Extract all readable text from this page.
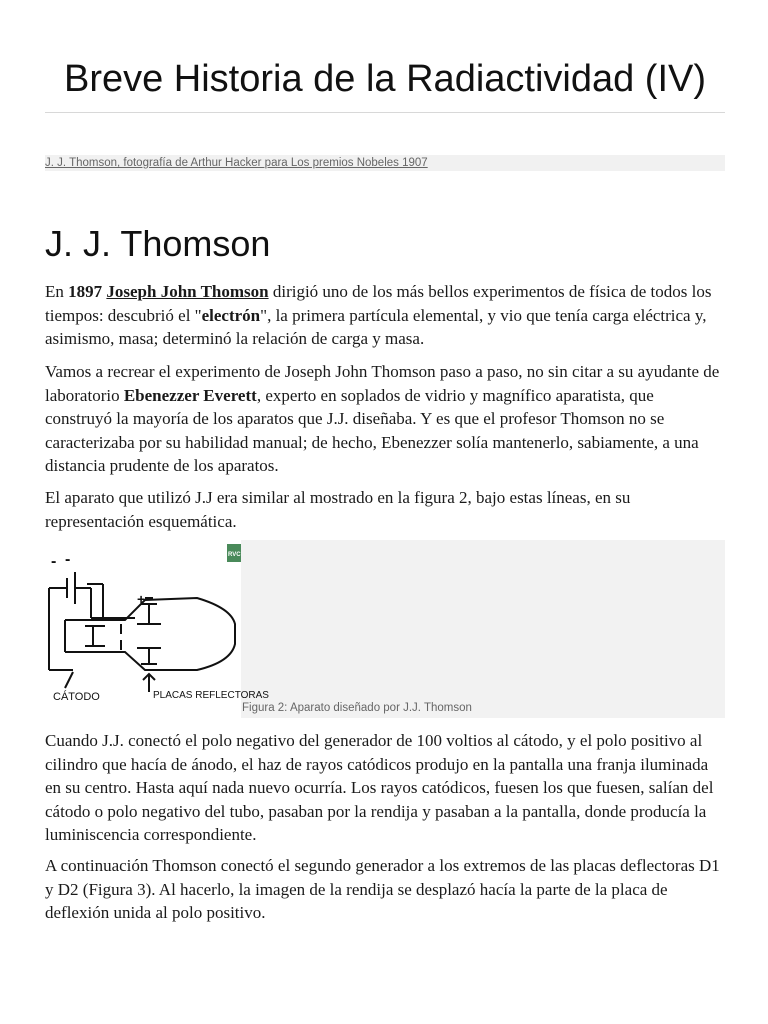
Breve Historia de la Radiactividad (IV)
J. J. Thomson, fotografía de Arthur Hacker para Los premios Nobeles 1907
J. J. Thomson

En 1897 Joseph John Thomson dirigió uno de los más bellos experimentos de física de todos los tiempos: descubrió el "electrón", la primera partícula elemental, y vio que tenía carga eléctrica y, asimismo, masa; determinó la relación de carga y masa.

Vamos a recrear el experimento de Joseph John Thomson paso a paso, no sin citar a su ayudante de laboratorio Ebenezzer Everett, experto en soplados de vidrio y magnífico aparatista, que construyó la mayoría de los aparatos que J.J. diseñaba. Y es que el profesor Thomson no se caracterizaba por su habilidad manual; de hecho, Ebenezzer solía mantenerlo, sabiamente, a una distancia prudente de los aparatos.

El aparato que utilizó J.J era similar al mostrado en la figura 2, bajo estas líneas, en su representación esquemática.

-
-
+
CÁTODO	PLACAS REFLECTORAS
RVC
Figura 2: Aparato diseñado por J.J. Thomson

Cuando J.J. conectó el polo negativo del generador de 100 voltios al cátodo, y el polo positivo al cilindro que hacía de ánodo, el haz de rayos catódicos produjo en la pantalla una franja iluminada en su centro. Hasta aquí nada nuevo ocurría. Los rayos catódicos, fuesen los que fuesen, salían del cátodo o polo negativo del tubo, pasaban por la rendija y pasaban a la pantalla, donde producía la luminiscencia correspondiente.

A continuación Thomson conectó el segundo generador a los extremos de las placas deflectoras D1 y D2 (Figura 3). Al hacerlo, la imagen de la rendija se desplazó hacía la parte de la placa de deflexión unida al polo positivo.
